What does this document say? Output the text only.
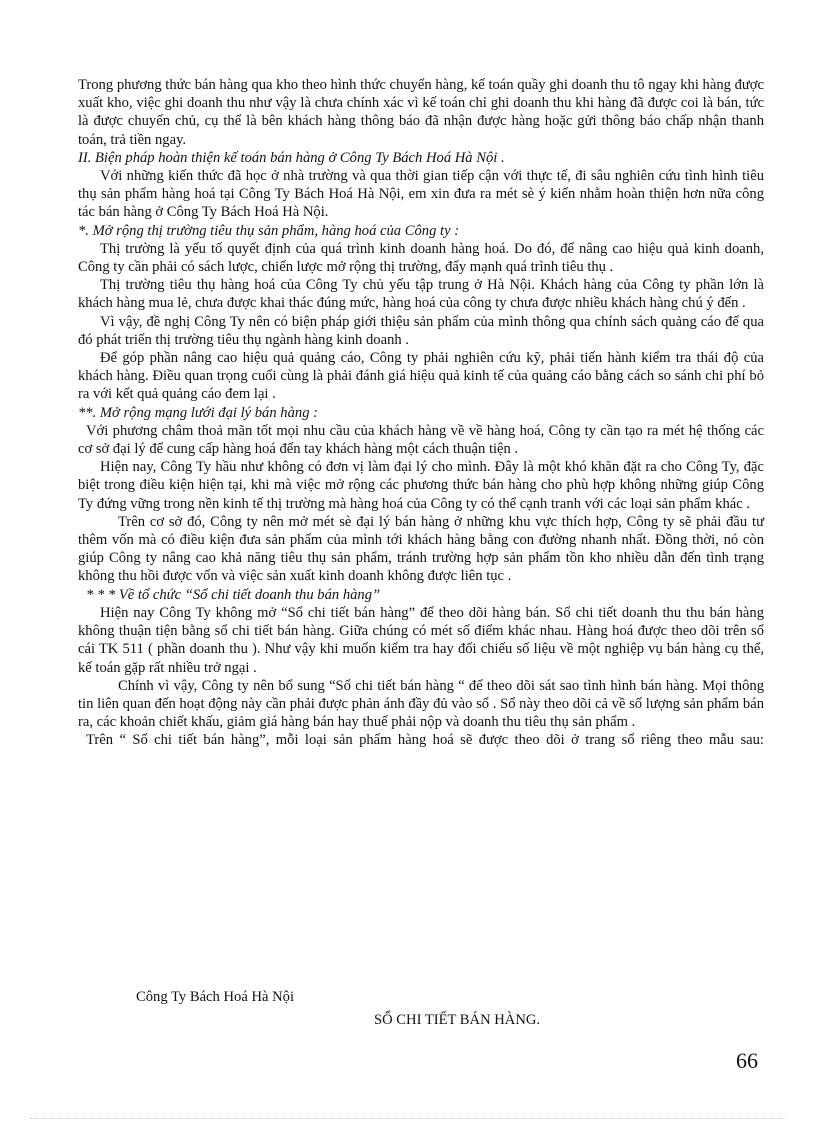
Trong phương thức bán hàng qua kho theo hình thức chuyển hàng, kế toán quầy ghi doanh thu tô ngay khi hàng được xuất kho, việc ghi doanh thu như vậy là chưa chính xác vì kế toán chỉ ghi doanh thu khi hàng đã được coi là bán, tức là được chuyển chủ, cụ thể là bên khách hàng thông báo đã nhận được hàng hoặc gửi thông báo chấp nhận thanh toán, trả tiền ngay.

II. Biện pháp hoàn thiện kế toán bán hàng ở Công Ty Bách Hoá Hà Nội .

Với những kiến thức đã học ở nhà trường và qua thời gian tiếp cận với thực tế, đi sâu nghiên cứu tình hình tiêu thụ sản phẩm hàng hoá tại Công Ty Bách Hoá Hà Nội, em xin đưa ra mét sè ý kiến nhằm hoàn thiện hơn nữa công tác bán hàng ở Công Ty Bách Hoá Hà Nội.

*. Mở rộng thị trường tiêu thụ sản phẩm, hàng hoá của Công ty :

Thị trường là yếu tố quyết định của quá trình kinh doanh hàng hoá. Do đó, để nâng cao hiệu quả kinh doanh, Công ty cần phải có sách lược, chiến lược mở rộng thị trường, đẩy mạnh quá trình tiêu thụ .

Thị trường tiêu thụ hàng hoá của Công Ty chủ yếu tập trung ở Hà Nội. Khách hàng của Công ty phần lớn là khách hàng mua lẻ, chưa được khai thác đúng mức, hàng hoá của công ty chưa được nhiều khách hàng chú ý đến .

Vì vậy, đề nghị Công Ty nên có biện pháp giới thiệu sản phẩm của mình thông qua chính sách quảng cáo để qua đó phát triển thị trường tiêu thụ ngành hàng kinh doanh .

Để góp phần nâng cao hiệu quả quảng cáo, Công ty phải nghiên cứu kỹ, phải tiến hành kiểm tra thái độ của khách hàng. Điều quan trọng cuối cùng là phải đánh giá hiệu quả kinh tế của quảng cáo bằng cách so sánh chi phí bỏ ra với kết quả quảng cáo đem lại .

**. Mở rộng mạng lưới đại lý bán hàng :

Với phương châm thoả mãn tốt mọi nhu cầu của khách hàng về về hàng hoá, Công ty cần tạo ra mét hệ thống các cơ sở đại lý để cung cấp hàng hoá đến tay khách hàng một cách thuận tiện .

Hiện nay, Công Ty hầu như không có đơn vị làm đại lý cho mình. Đây là một khó khăn đặt ra cho Công Ty, đặc biệt trong điều kiện hiện tại, khi mà việc mở rộng các phương thức bán hàng cho phù hợp không những giúp Công Ty đứng vững trong nền kinh tế thị trường mà hàng hoá của Công ty có thể cạnh tranh với các loại sản phẩm khác .

Trên cơ sở đó, Công ty nên mở mét sè đại lý bán hàng ở những khu vực thích hợp, Công ty sẽ phải đầu tư thêm vốn mà có điều kiện đưa sản phẩm của mình tới khách hàng bằng con đường nhanh nhất. Đồng thời, nó còn giúp Công ty nâng cao khả năng tiêu thụ sản phẩm, tránh trường hợp sản phẩm tồn kho nhiều dẫn đến tình trạng không thu hồi được vốn và việc sản xuất kinh doanh không được liên tục .

* * * Về tổ chức “Sổ chi tiết doanh thu bán hàng”

Hiện nay Công Ty không mở “Sổ chi tiết bán hàng” để theo dõi hàng bán. Sổ chi tiết doanh thu thu bán hàng không thuận tiện bằng sổ chi tiết bán hàng. Giữa chúng có mét số điểm khác nhau. Hàng hoá được theo dõi trên sổ cái TK 511 ( phần doanh thu ). Như vậy khi muốn kiểm tra hay đối chiếu số liệu về một nghiệp vụ bán hàng cụ thể, kế toán gặp rất nhiều trở ngại .

Chính vì vậy, Công ty nên bổ sung “Sổ chi tiết bán hàng “ để theo dõi sát sao tình hình bán hàng. Mọi thông tin liên quan đến hoạt động này cần phải được phản ánh đầy đủ vào sổ . Sổ này theo dõi cả về số lượng sản phẩm bán ra, các khoản chiết khấu, giảm giá hàng bán hay thuế phải nộp và doanh thu tiêu thụ sản phẩm .

Trên “ Sổ chi tiết bán hàng”, mỗi loại sản phẩm hàng hoá sẽ được theo dõi ở trang sổ riêng theo mẫu sau:

Công Ty Bách Hoá Hà Nội
SỔ CHI TIẾT BÁN HÀNG.
66
